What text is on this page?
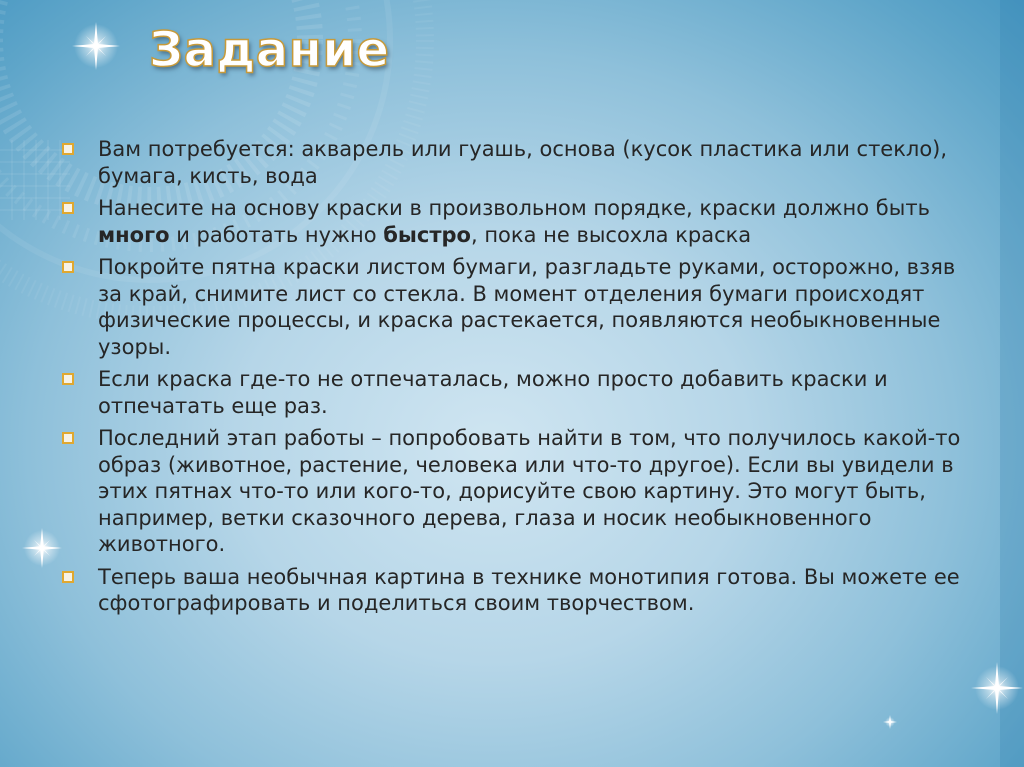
Задание
Вам потребуется: акварель или гуашь, основа (кусок пластика или стекло), бумага, кисть, вода
Нанесите на основу краски в произвольном порядке, краски должно быть много и работать нужно быстро, пока не высохла краска
Покройте пятна краски листом бумаги, разгладьте руками, осторожно, взяв за край, снимите лист со стекла. В момент отделения бумаги происходят физические процессы, и краска растекается, появляются необыкновенные узоры.
Если краска где-то не отпечаталась, можно просто добавить краски и отпечатать еще раз.
Последний этап работы – попробовать найти в том, что получилось какой-то образ (животное, растение, человека или что-то другое). Если вы увидели в этих пятнах что-то или кого-то, дорисуйте свою картину. Это могут быть, например, ветки сказочного дерева, глаза и носик необыкновенного животного.
Теперь ваша необычная картина в технике монотипия готова. Вы можете ее сфотографировать и поделиться своим творчеством.
